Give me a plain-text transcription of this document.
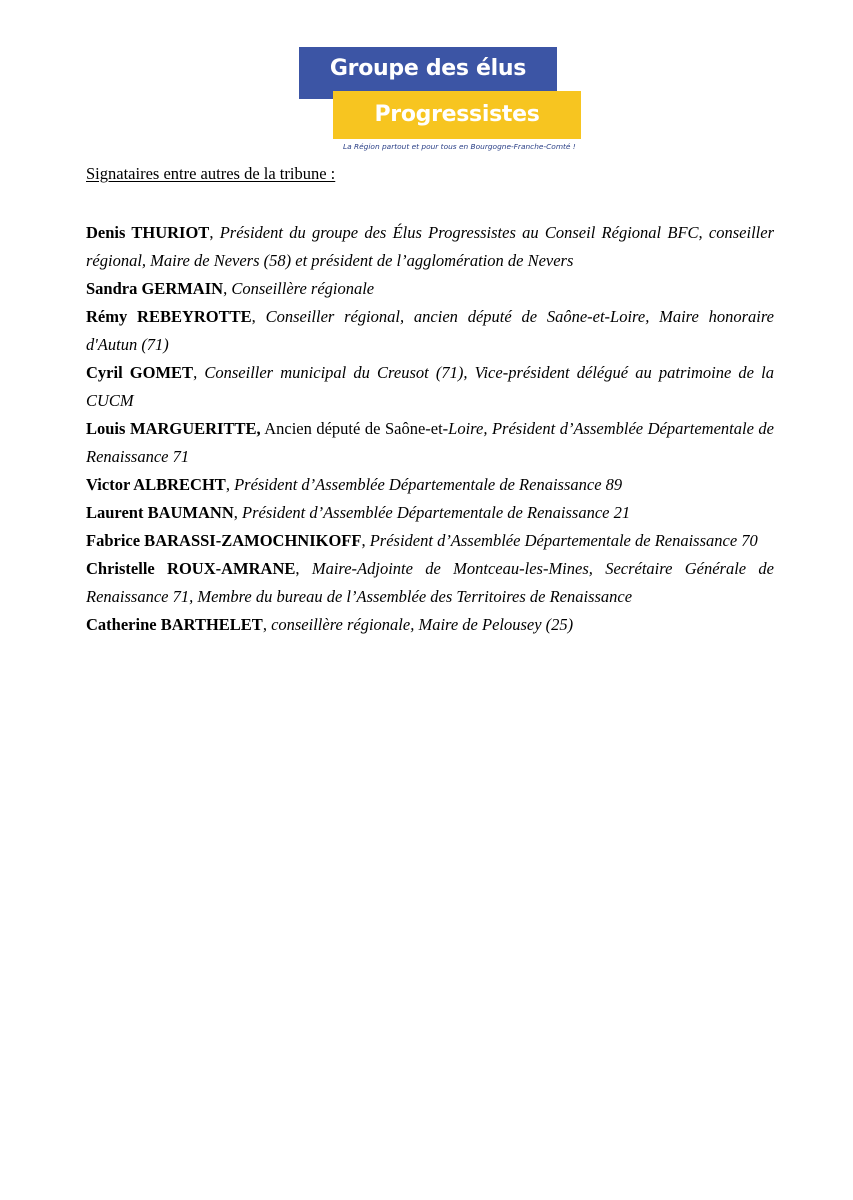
Groupe des élus
Progressistes
La Région partout et pour tous en Bourgogne-Franche-Comté !
Signataires entre autres de la tribune :
Denis THURIOT, Président du groupe des Élus Progressistes au Conseil Régional BFC, conseiller régional, Maire de Nevers (58) et président de l’agglomération de Nevers
Sandra GERMAIN, Conseillère régionale
Rémy REBEYROTTE, Conseiller régional, ancien député de Saône-et-Loire, Maire honoraire d'Autun (71)
Cyril GOMET, Conseiller municipal du Creusot (71), Vice-président délégué au patrimoine de la CUCM
Louis MARGUERITTE, Ancien député de Saône-et-Loire, Président d’Assemblée Départementale de Renaissance 71
Victor ALBRECHT, Président d’Assemblée Départementale de Renaissance 89
Laurent BAUMANN, Président d’Assemblée Départementale de Renaissance 21
Fabrice BARASSI-ZAMOCHNIKOFF, Président d’Assemblée Départementale de Renaissance 70
Christelle ROUX-AMRANE, Maire-Adjointe de Montceau-les-Mines, Secrétaire Générale de Renaissance 71, Membre du bureau de l’Assemblée des Territoires de Renaissance
Catherine BARTHELET, conseillère régionale, Maire de Pelousey (25)
